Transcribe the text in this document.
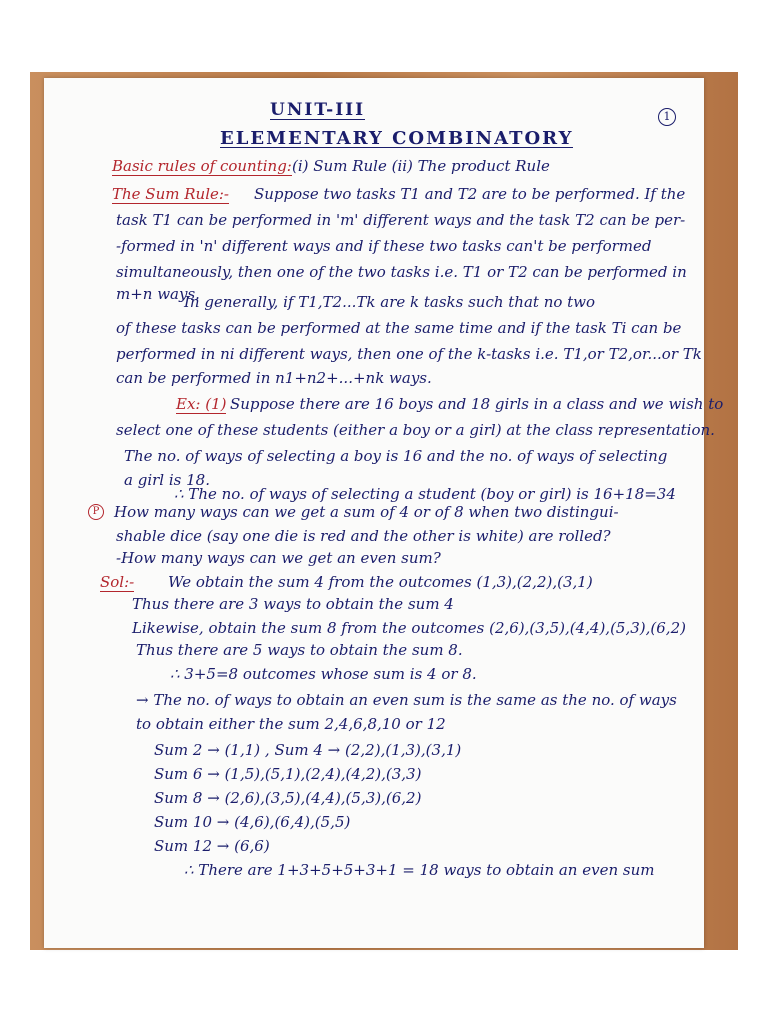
UNIT-III	1
ELEMENTARY COMBINATORY
Basic rules of counting: (i) Sum Rule (ii) The product Rule
The Sum Rule:- Suppose two tasks T1 and T2 are to be performed. If the
task T1 can be performed in 'm' different ways and the task T2 can be per-
-formed in 'n' different ways and if these two tasks can't be performed
simultaneously, then one of the two tasks i.e. T1 or T2 can be performed in
m+n ways.
In generally, if T1,T2...Tk are k tasks such that no two
of these tasks can be performed at the same time and if the task Ti can be
performed in ni different ways, then one of the k-tasks i.e. T1,or T2,or...or Tk
can be performed in n1+n2+...+nk ways.
Ex: (1) Suppose there are 16 boys and 18 girls in a class and we wish to
select one of these students (either a boy or a girl) at the class representation.
The no. of ways of selecting a boy is 16 and the no. of ways of selecting
a girl is 18.
∴ The no. of ways of selecting a student (boy or girl) is 16+18=34
P How many ways can we get a sum of 4 or of 8 when two distingui-
shable dice (say one die is red and the other is white) are rolled?
-How many ways can we get an even sum?
Sol:- We obtain the sum 4 from the outcomes (1,3),(2,2),(3,1)
Thus there are 3 ways to obtain the sum 4
Likewise, obtain the sum 8 from the outcomes (2,6),(3,5),(4,4),(5,3),(6,2)
Thus there are 5 ways to obtain the sum 8.
∴ 3+5=8 outcomes whose sum is 4 or 8.
→ The no. of ways to obtain an even sum is the same as the no. of ways
to obtain either the sum 2,4,6,8,10 or 12
Sum 2 → (1,1) , Sum 4 → (2,2),(1,3),(3,1)
Sum 6 → (1,5),(5,1),(2,4),(4,2),(3,3)
Sum 8 → (2,6),(3,5),(4,4),(5,3),(6,2)
Sum 10 → (4,6),(6,4),(5,5)
Sum 12 → (6,6)
∴ There are 1+3+5+5+3+1 = 18 ways to obtain an even sum
